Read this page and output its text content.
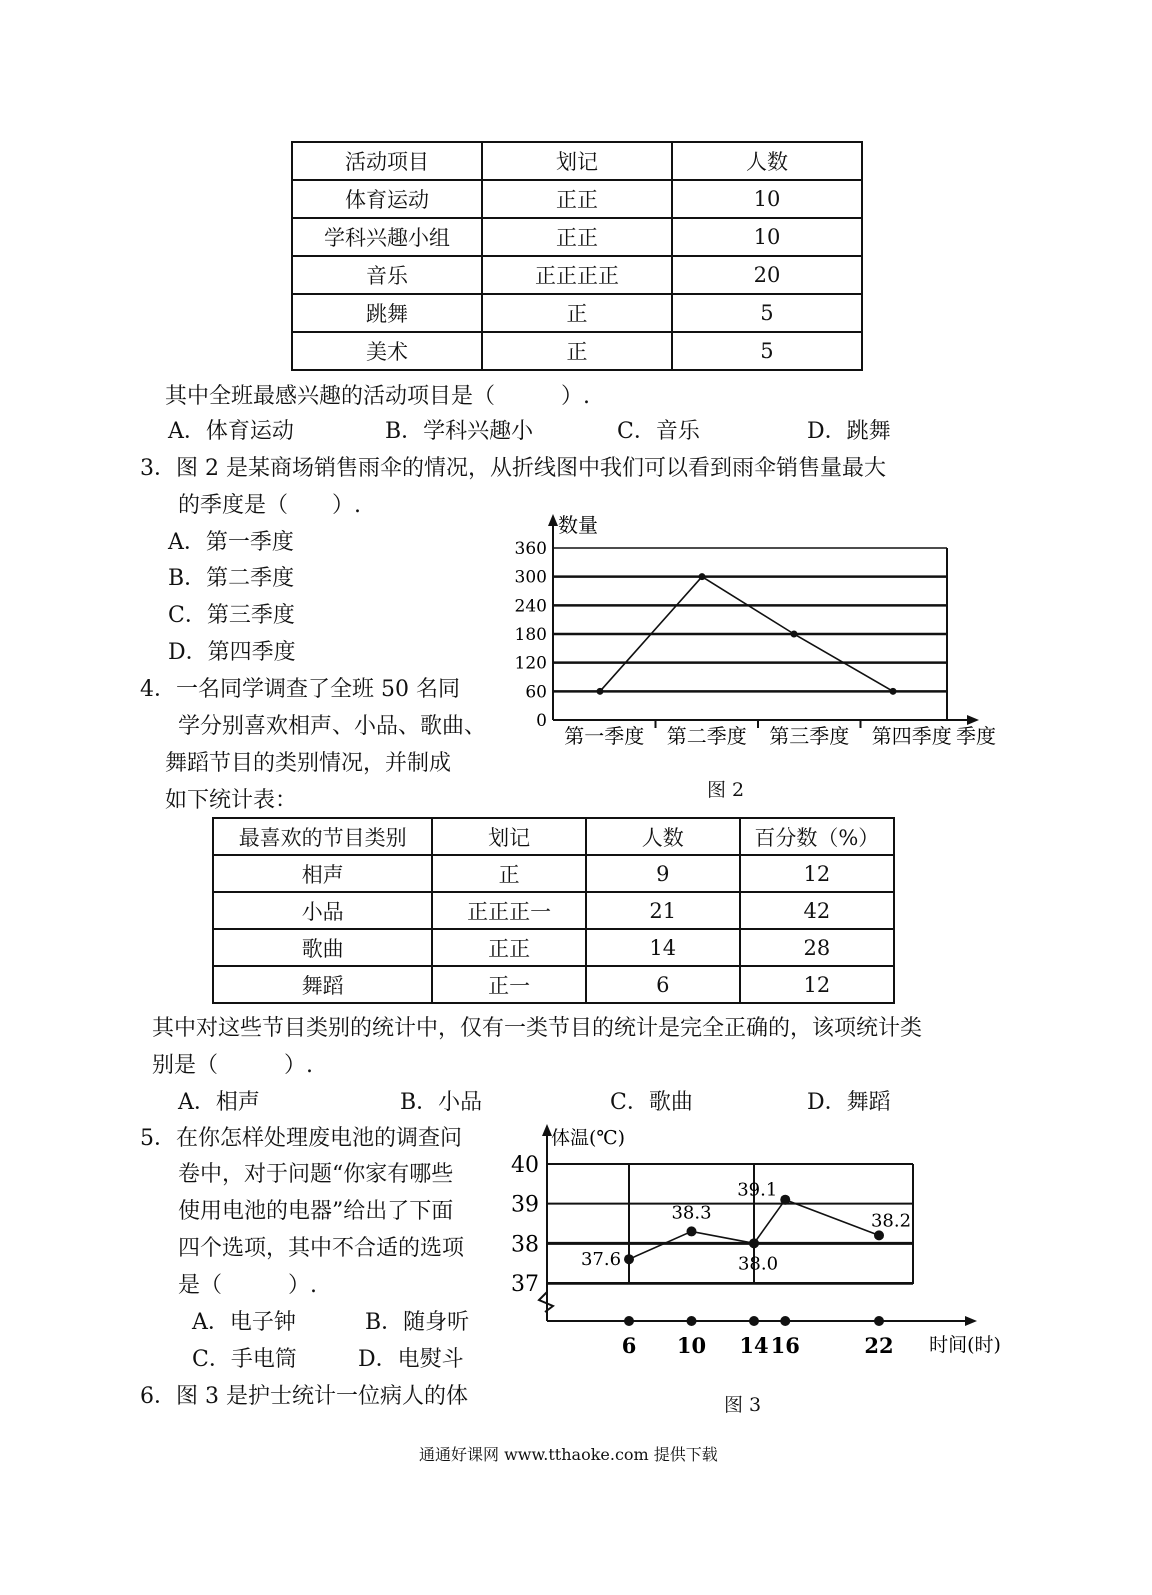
活动项目	划记	人数
体育运动	正正	10
学科兴趣小组	正正	10
音乐	正正正正	20
跳舞	正	5
美术	正	5
其中全班最感兴趣的活动项目是（　　　）.
A．体育运动	B．学科兴趣小	C．音乐	D．跳舞
3．图 2 是某商场销售雨伞的情况，从折线图中我们可以看到雨伞销售量最大
的季度是（　　）.
A．第一季度
B．第二季度
C．第三季度
D．第四季度
0
60
120
180
240
300
360
第一季度 第二季度 第三季度 第四季度
数量
季度
图 2
4．一名同学调查了全班 50 名同
学分别喜欢相声、小品、歌曲、
舞蹈节目的类别情况，并制成
如下统计表：
最喜欢的节目类别	划记	人数	百分数（%）
相声	正	9	12
小品	正正正一	21	42
歌曲	正正	14	28
舞蹈	正一	6	12
其中对这些节目类别的统计中，仅有一类节目的统计是完全正确的，该项统计类
别是（　　　）.
A．相声	B．小品	C．歌曲	D．舞蹈
5．在你怎样处理废电池的调查问
卷中，对于问题“你家有哪些
使用电池的电器”给出了下面
四个选项，其中不合适的选项
是（　　　）.
A．电子钟	B．随身听
C．手电筒	D．电熨斗
6．图 3 是护士统计一位病人的体
37
38
39
40
6 10 14 16	22
体温(℃)
时间(时)
37.6
38.3
38.0
39.1
38.2
图 3
通通好课网 www.tthaoke.com 提供下载
